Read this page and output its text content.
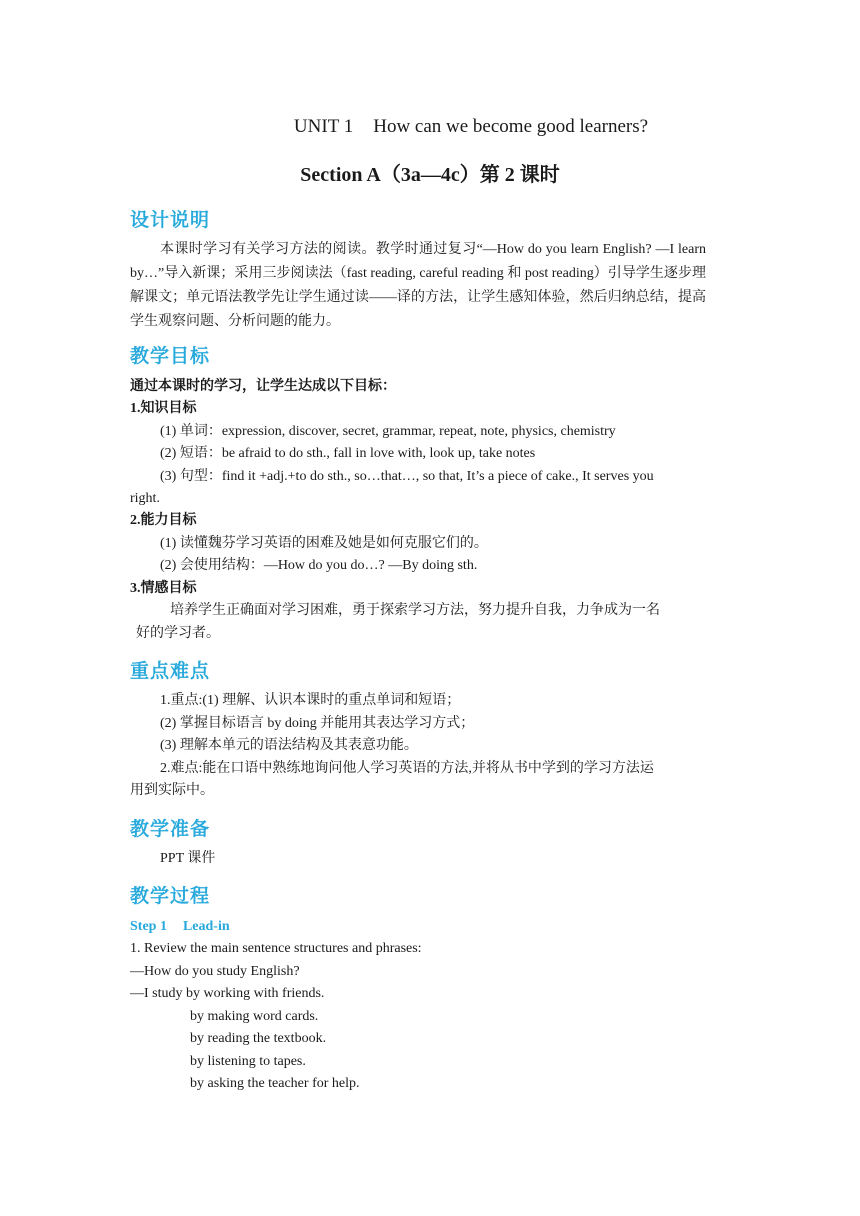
UNIT 1 How can we become good learners?
Section A（3a—4c）第 2 课时
设计说明
本课时学习有关学习方法的阅读。教学时通过复习“—How do you learn English? —I learn by…”导入新课；采用三步阅读法（fast reading, careful reading 和 post reading）引导学生逐步理解课文；单元语法教学先让学生通过读——译的方法，让学生感知体验，然后归纳总结，提高学生观察问题、分析问题的能力。
教学目标
通过本课时的学习，让学生达成以下目标：
1.知识目标
(1) 单词：expression, discover, secret, grammar, repeat, note, physics, chemistry
(2) 短语：be afraid to do sth., fall in love with, look up, take notes
(3) 句型：find it +adj.+to do sth., so…that…, so that, It’s a piece of cake., It serves you
right.
2.能力目标
(1) 读懂魏芬学习英语的困难及她是如何克服它们的。
(2) 会使用结构：—How do you do…? —By doing sth.
3.情感目标
培养学生正确面对学习困难，勇于探索学习方法，努力提升自我，力争成为一名
好的学习者。
重点难点
1.重点:(1) 理解、认识本课时的重点单词和短语；
(2) 掌握目标语言 by doing 并能用其表达学习方式；
(3) 理解本单元的语法结构及其表意功能。
2.难点:能在口语中熟练地询问他人学习英语的方法,并将从书中学到的学习方法运
用到实际中。
教学准备
PPT 课件
教学过程
Step 1 Lead-in
1. Review the main sentence structures and phrases:
—How do you study English?
—I study by working with friends.
by making word cards.
by reading the textbook.
by listening to tapes.
by asking the teacher for help.
